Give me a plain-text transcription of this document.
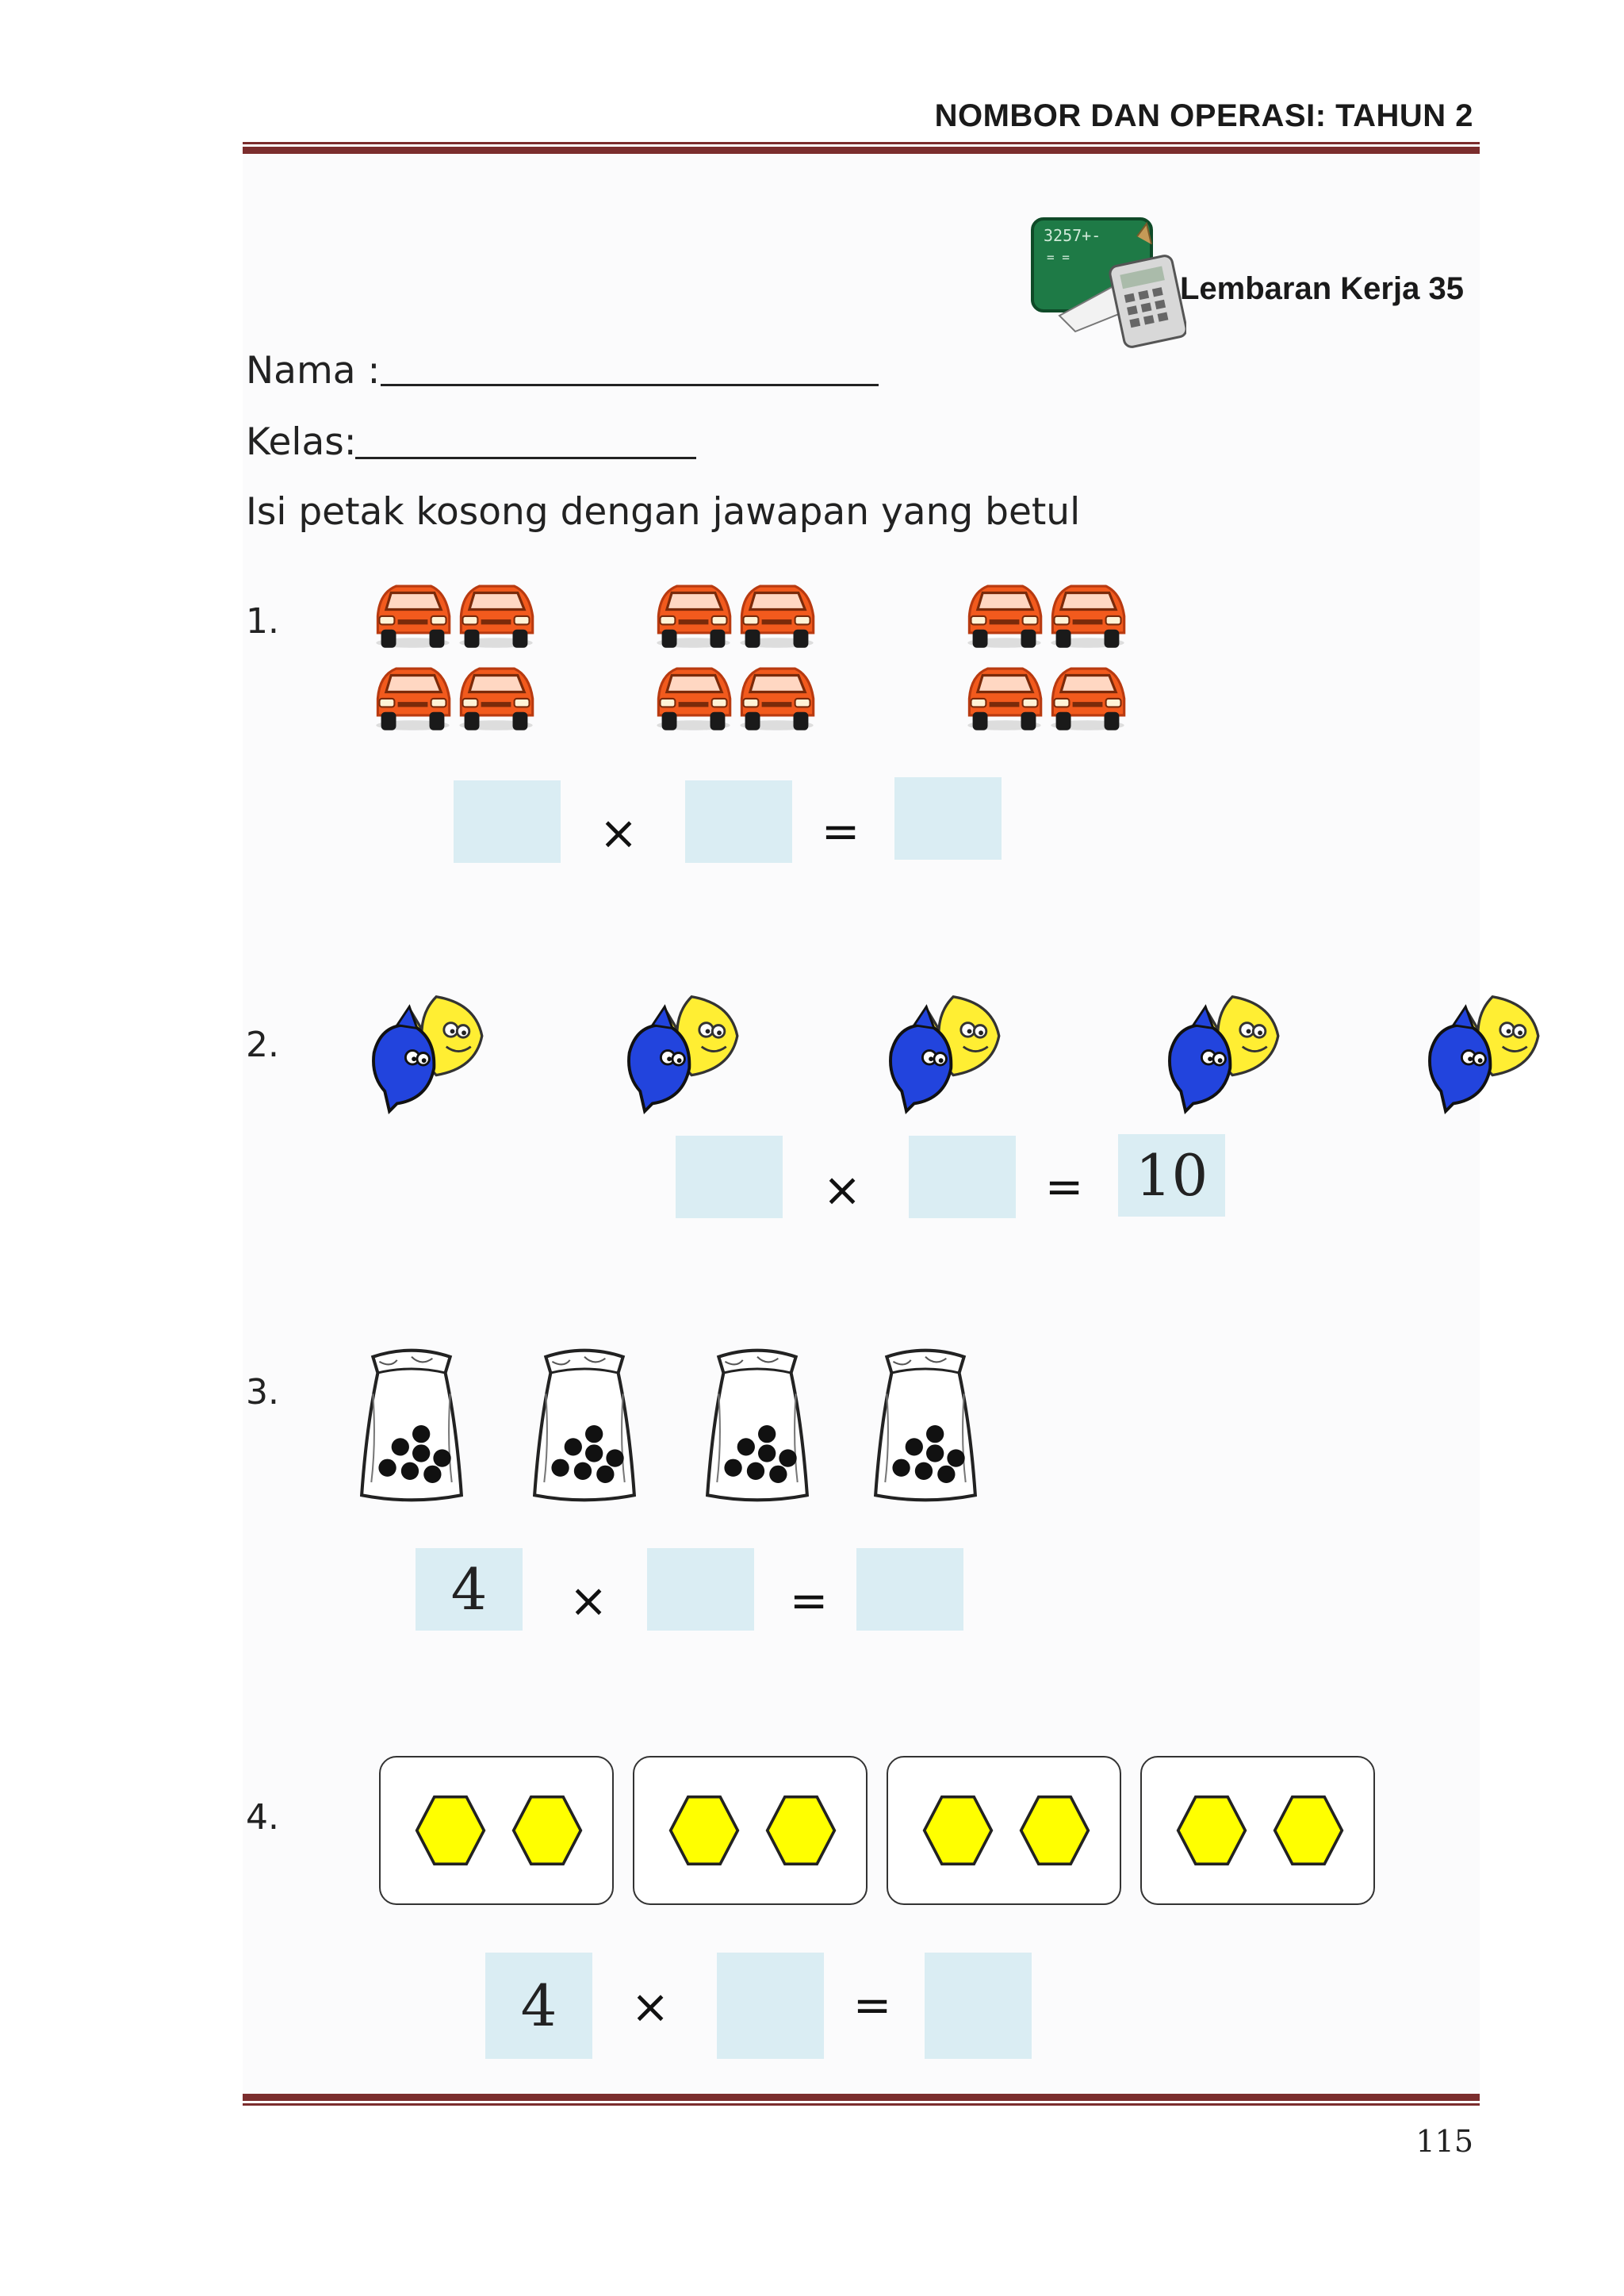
NOMBOR DAN OPERASI: TAHUN 2
3257+-
= =
Lembaran Kerja 35
Nama :
Kelas:
Isi petak kosong dengan jawapan yang betul
1.
×	=
2.
×	= 10
3.
4	×	=
4.
4	×	=
115
